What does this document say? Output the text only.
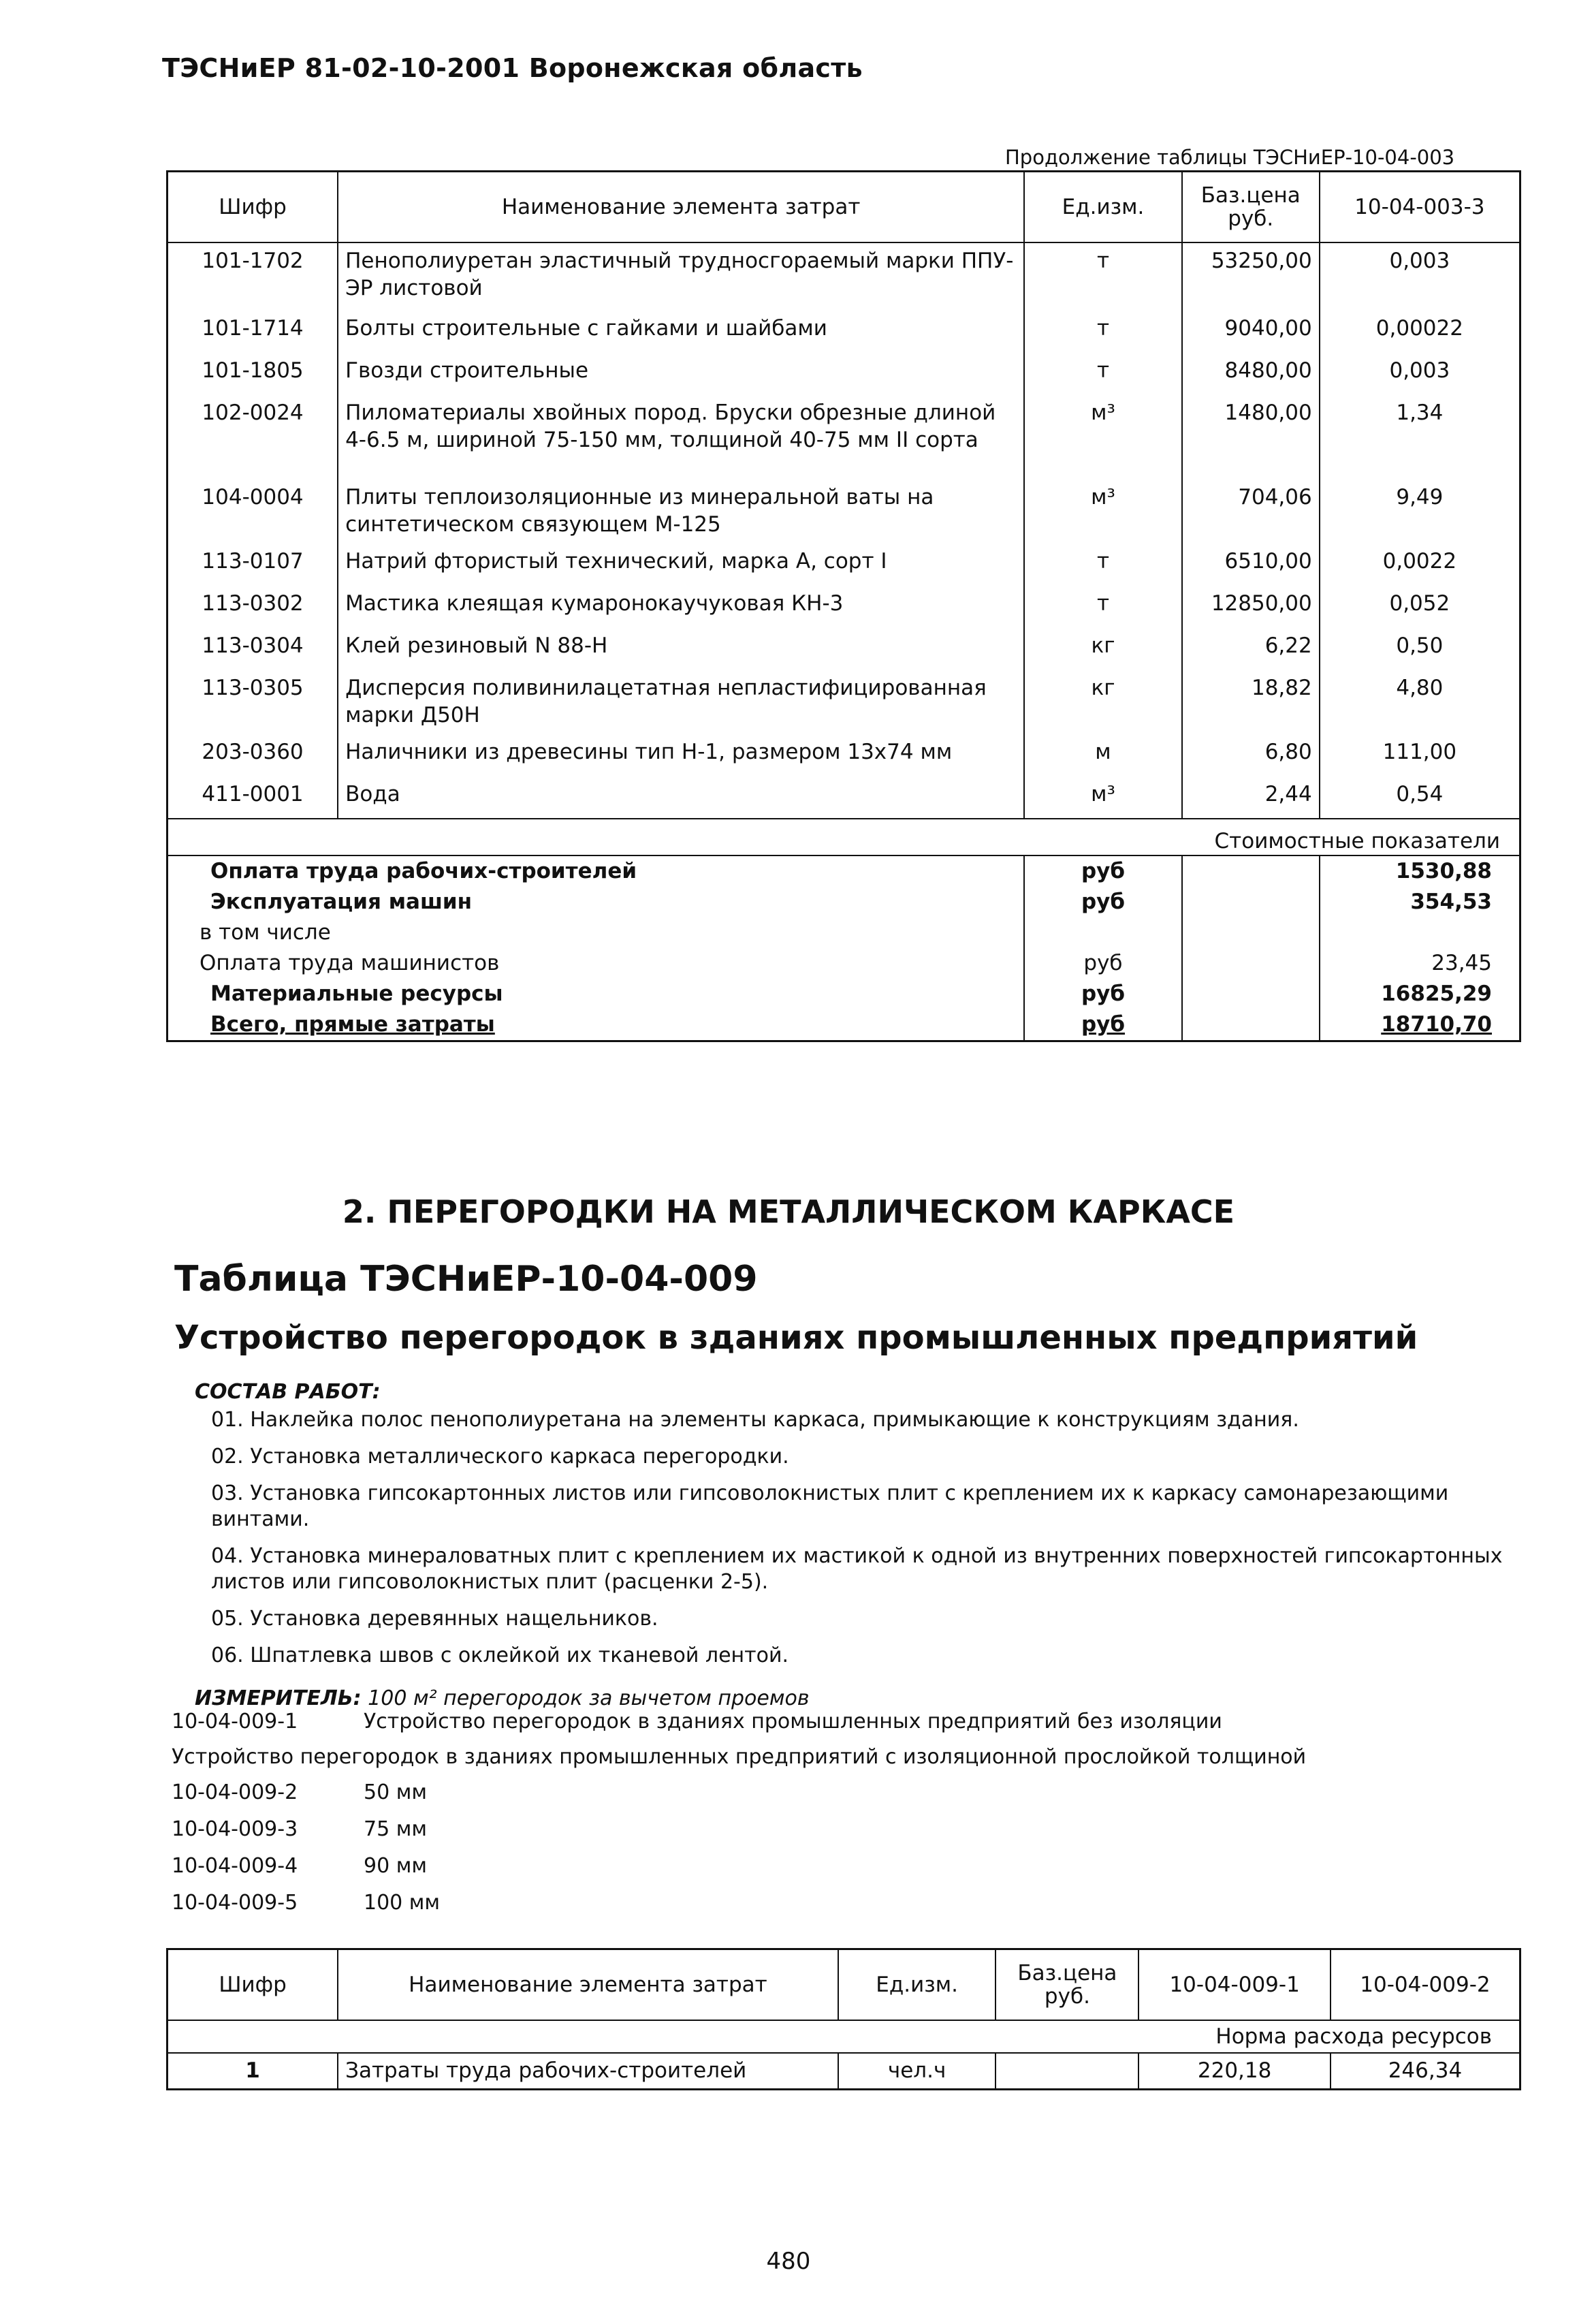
ТЭСНиЕР 81-02-10-2001 Воронежская область
Продолжение таблицы ТЭСНиЕР-10-04-003
Шифр	Наименование элемента затрат	Ед.изм.	Баз.цена руб.	10-04-003-3
101-1702	Пенополиуретан эластичный трудносгораемый марки ППУ-ЭР листовой	т	53250,00	0,003
101-1714	Болты строительные с гайками и шайбами	т	9040,00	0,00022
101-1805	Гвозди строительные	т	8480,00	0,003
102-0024	Пиломатериалы хвойных пород. Бруски обрезные длиной 4-6.5 м, шириной 75-150 мм, толщиной 40-75 мм II сорта	м³	1480,00	1,34
104-0004	Плиты теплоизоляционные из минеральной ваты на синтетическом связующем М-125	м³	704,06	9,49
113-0107	Натрий фтористый технический, марка А, сорт I	т	6510,00	0,0022
113-0302	Мастика клеящая кумаронокаучуковая КН-3	т	12850,00	0,052
113-0304	Клей резиновый N 88-Н	кг	6,22	0,50
113-0305	Дисперсия поливинилацетатная непластифицированная марки Д50Н	кг	18,82	4,80
203-0360	Наличники из древесины тип Н-1, размером 13х74 мм	м	6,80	111,00
411-0001	Вода	м³	2,44	0,54
Стоимостные показатели				
Оплата труда рабочих-строителей		руб		1530,88
Эксплуатация машин		руб		354,53
в том числе				
Оплата труда машинистов		руб		23,45
Материальные ресурсы		руб		16825,29
Всего, прямые затраты		руб		18710,70
2. ПЕРЕГОРОДКИ НА МЕТАЛЛИЧЕСКОМ КАРКАСЕ
Таблица ТЭСНиЕР-10-04-009
Устройство перегородок в зданиях промышленных предприятий
СОСТАВ РАБОТ:
01. Наклейка полос пенополиуретана на элементы каркаса, примыкающие к конструкциям здания.
02. Установка металлического каркаса перегородки.
03. Установка гипсокартонных листов или гипсоволокнистых плит с креплением их к каркасу самонарезающими винтами.
04. Установка минераловатных плит с креплением их мастикой к одной из внутренних поверхностей гипсокартонных листов или гипсоволокнистых плит (расценки 2-5).
05. Установка деревянных нащельников.
06. Шпатлевка швов с оклейкой их тканевой лентой.
ИЗМЕРИТЕЛЬ: 100 м² перегородок за вычетом проемов
10-04-009-1	Устройство перегородок в зданиях промышленных предприятий без изоляции
Устройство перегородок в зданиях промышленных предприятий с изоляционной прослойкой толщиной
10-04-009-2	50 мм
10-04-009-3	75 мм
10-04-009-4	90 мм
10-04-009-5	100 мм
Шифр	Наименование элемента затрат	Ед.изм.	Баз.цена руб.	10-04-009-1	10-04-009-2
Норма расхода ресурсов					
1	Затраты труда рабочих-строителей	чел.ч		220,18	246,34
480
